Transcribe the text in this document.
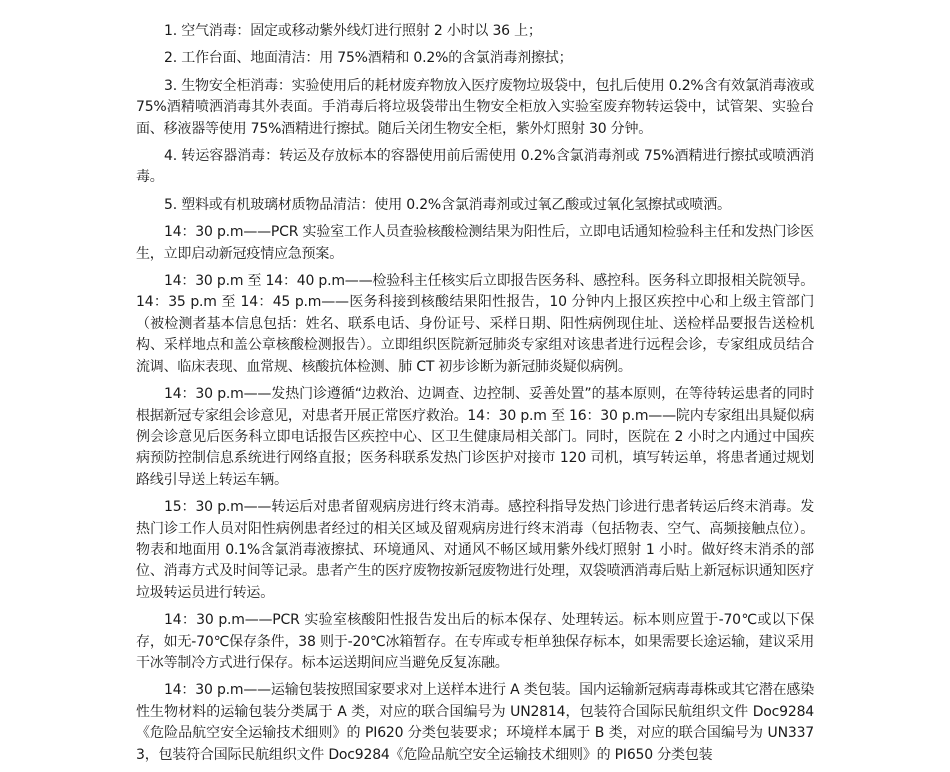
1. 空气消毒：固定或移动紫外线灯进行照射 2 小时以 36 上；

2. 工作台面、地面清洁：用 75%酒精和 0.2%的含氯消毒剂擦拭；

3. 生物安全柜消毒：实验使用后的耗材废弃物放入医疗废物垃圾袋中，包扎后使用 0.2%含有效氯消毒液或 75%酒精喷洒消毒其外表面。手消毒后将垃圾袋带出生物安全柜放入实验室废弃物转运袋中，试管架、实验台面、移液器等使用 75%酒精进行擦拭。随后关闭生物安全柜，紫外灯照射 30 分钟。

4. 转运容器消毒：转运及存放标本的容器使用前后需使用 0.2%含氯消毒剂或 75%酒精进行擦拭或喷洒消毒。

5. 塑料或有机玻璃材质物品清洁：使用 0.2%含氯消毒剂或过氧乙酸或过氧化氢擦拭或喷洒。

14：30 p.m——PCR 实验室工作人员查验核酸检测结果为阳性后，立即电话通知检验科主任和发热门诊医生，立即启动新冠疫情应急预案。

14：30 p.m 至 14：40 p.m——检验科主任核实后立即报告医务科、感控科。医务科立即报相关院领导。14：35 p.m 至 14：45 p.m——医务科接到核酸结果阳性报告，10 分钟内上报区疾控中心和上级主管部门（被检测者基本信息包括：姓名、联系电话、身份证号、采样日期、阳性病例现住址、送检样品要报告送检机构、采样地点和盖公章核酸检测报告）。立即组织医院新冠肺炎专家组对该患者进行远程会诊，专家组成员结合流调、临床表现、血常规、核酸抗体检测、肺 CT 初步诊断为新冠肺炎疑似病例。

14：30 p.m——发热门诊遵循“边救治、边调查、边控制、妥善处置”的基本原则，在等待转运患者的同时根据新冠专家组会诊意见，对患者开展正常医疗救治。14：30 p.m 至 16：30 p.m——院内专家组出具疑似病例会诊意见后医务科立即电话报告区疾控中心、区卫生健康局相关部门。同时，医院在 2 小时之内通过中国疾病预防控制信息系统进行网络直报；医务科联系发热门诊医护对接市 120 司机，填写转运单，将患者通过规划路线引导送上转运车辆。

15：30 p.m——转运后对患者留观病房进行终末消毒。感控科指导发热门诊进行患者转运后终末消毒。发热门诊工作人员对阳性病例患者经过的相关区域及留观病房进行终末消毒（包括物表、空气、高频接触点位）。物表和地面用 0.1%含氯消毒液擦拭、环境通风、对通风不畅区域用紫外线灯照射 1 小时。做好终末消杀的部位、消毒方式及时间等记录。患者产生的医疗废物按新冠废物进行处理，双袋喷洒消毒后贴上新冠标识通知医疗垃圾转运员进行转运。

14：30 p.m——PCR 实验室核酸阳性报告发出后的标本保存、处理转运。标本则应置于-70℃或以下保存，如无-70℃保存条件，38 则于-20℃冰箱暂存。在专库或专柜单独保存标本，如果需要长途运输，建议采用干冰等制冷方式进行保存。标本运送期间应当避免反复冻融。

14：30 p.m——运输包装按照国家要求对上送样本进行 A 类包装。国内运输新冠病毒毒株或其它潜在感染性生物材料的运输包装分类属于 A 类，对应的联合国编号为 UN2814，包装符合国际民航组织文件 Doc9284《危险品航空安全运输技术细则》的 PI620 分类包装要求；环境样本属于 B 类，对应的联合国编号为 UN3373，包装符合国际民航组织文件 Doc9284《危险品航空安全运输技术细则》的 PI650 分类包装
